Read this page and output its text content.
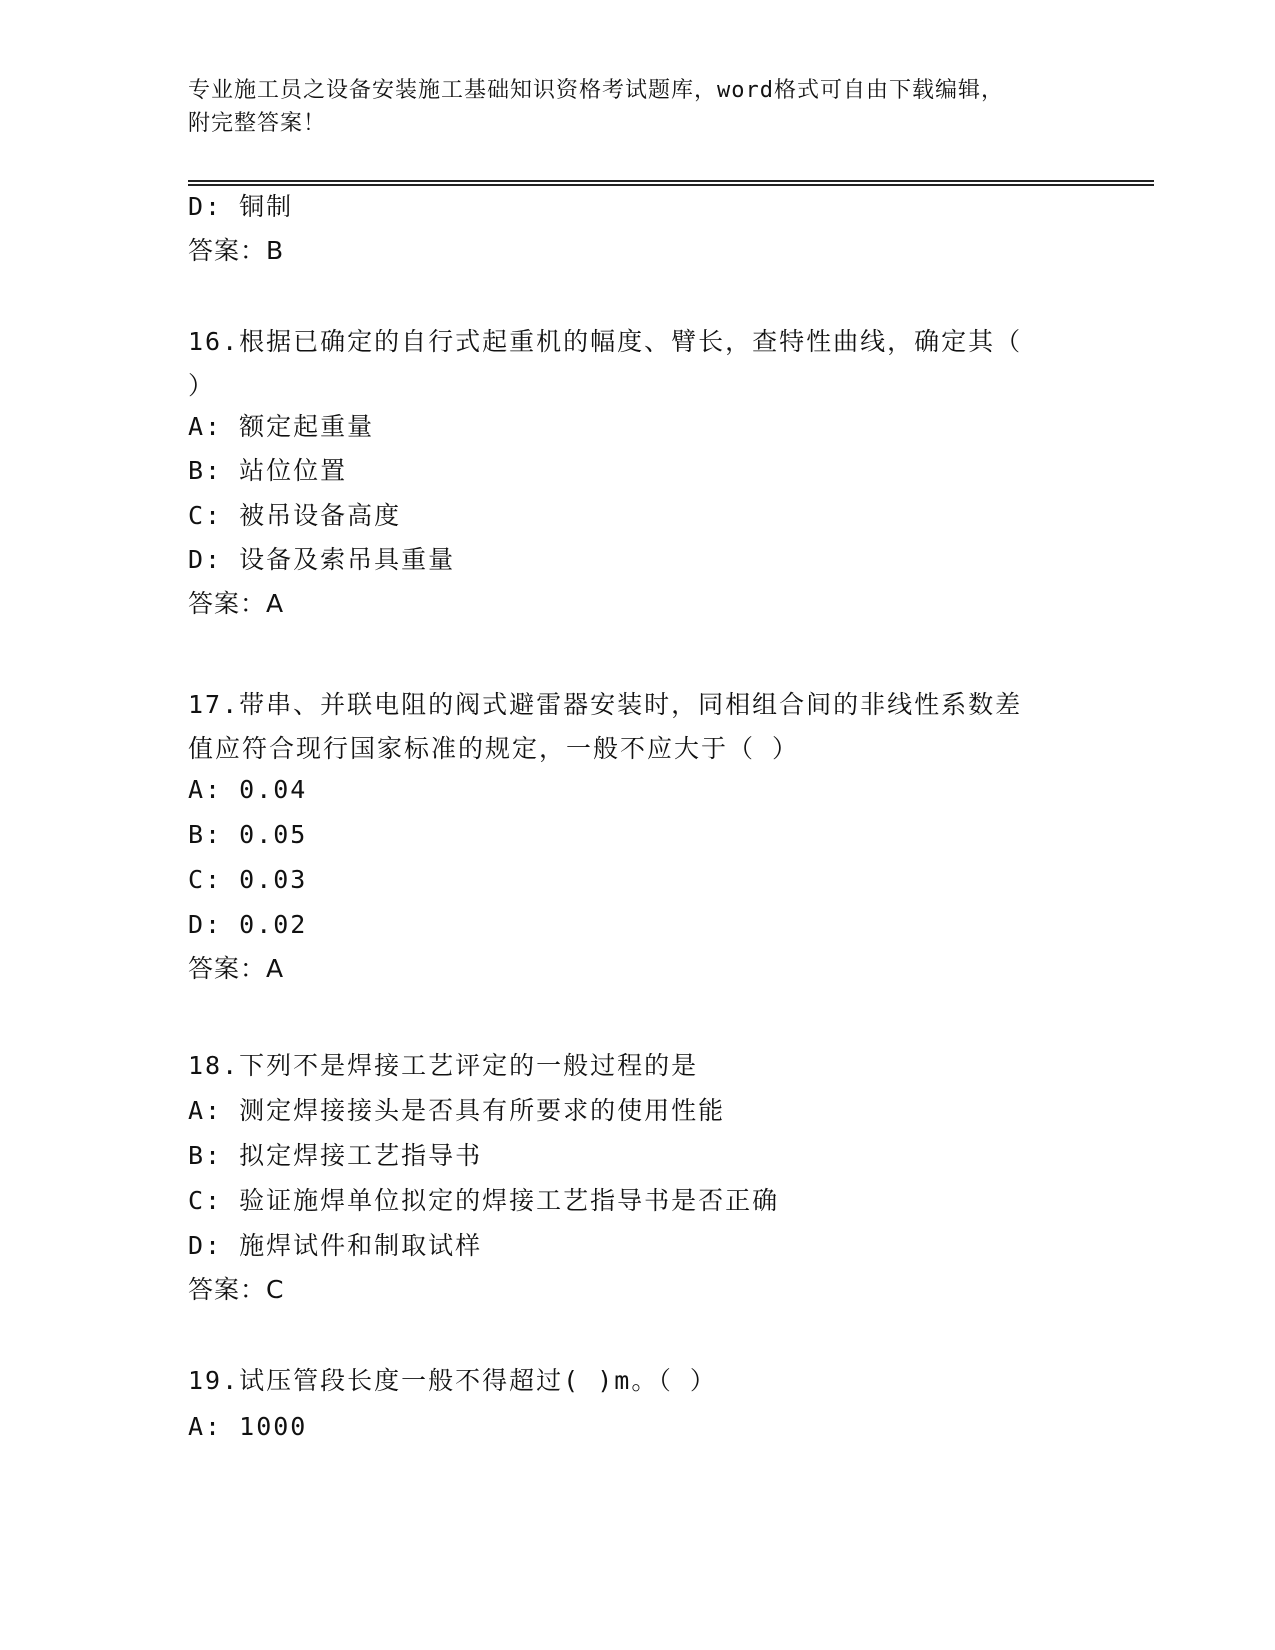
专业施工员之设备安装施工基础知识资格考试题库，word格式可自由下载编辑，
附完整答案！
D: 铜制
答案：B
16.根据已确定的自行式起重机的幅度、臂长，查特性曲线，确定其（
）
A: 额定起重量
B: 站位位置
C: 被吊设备高度
D: 设备及索吊具重量
答案：A
17.带串、并联电阻的阀式避雷器安装时，同相组合间的非线性系数差
值应符合现行国家标准的规定，一般不应大于（ ）
A: 0.04
B: 0.05
C: 0.03
D: 0.02
答案：A
18.下列不是焊接工艺评定的一般过程的是
A: 测定焊接接头是否具有所要求的使用性能
B: 拟定焊接工艺指导书
C: 验证施焊单位拟定的焊接工艺指导书是否正确
D: 施焊试件和制取试样
答案：C
19.试压管段长度一般不得超过( )m。（ ）
A: 1000
